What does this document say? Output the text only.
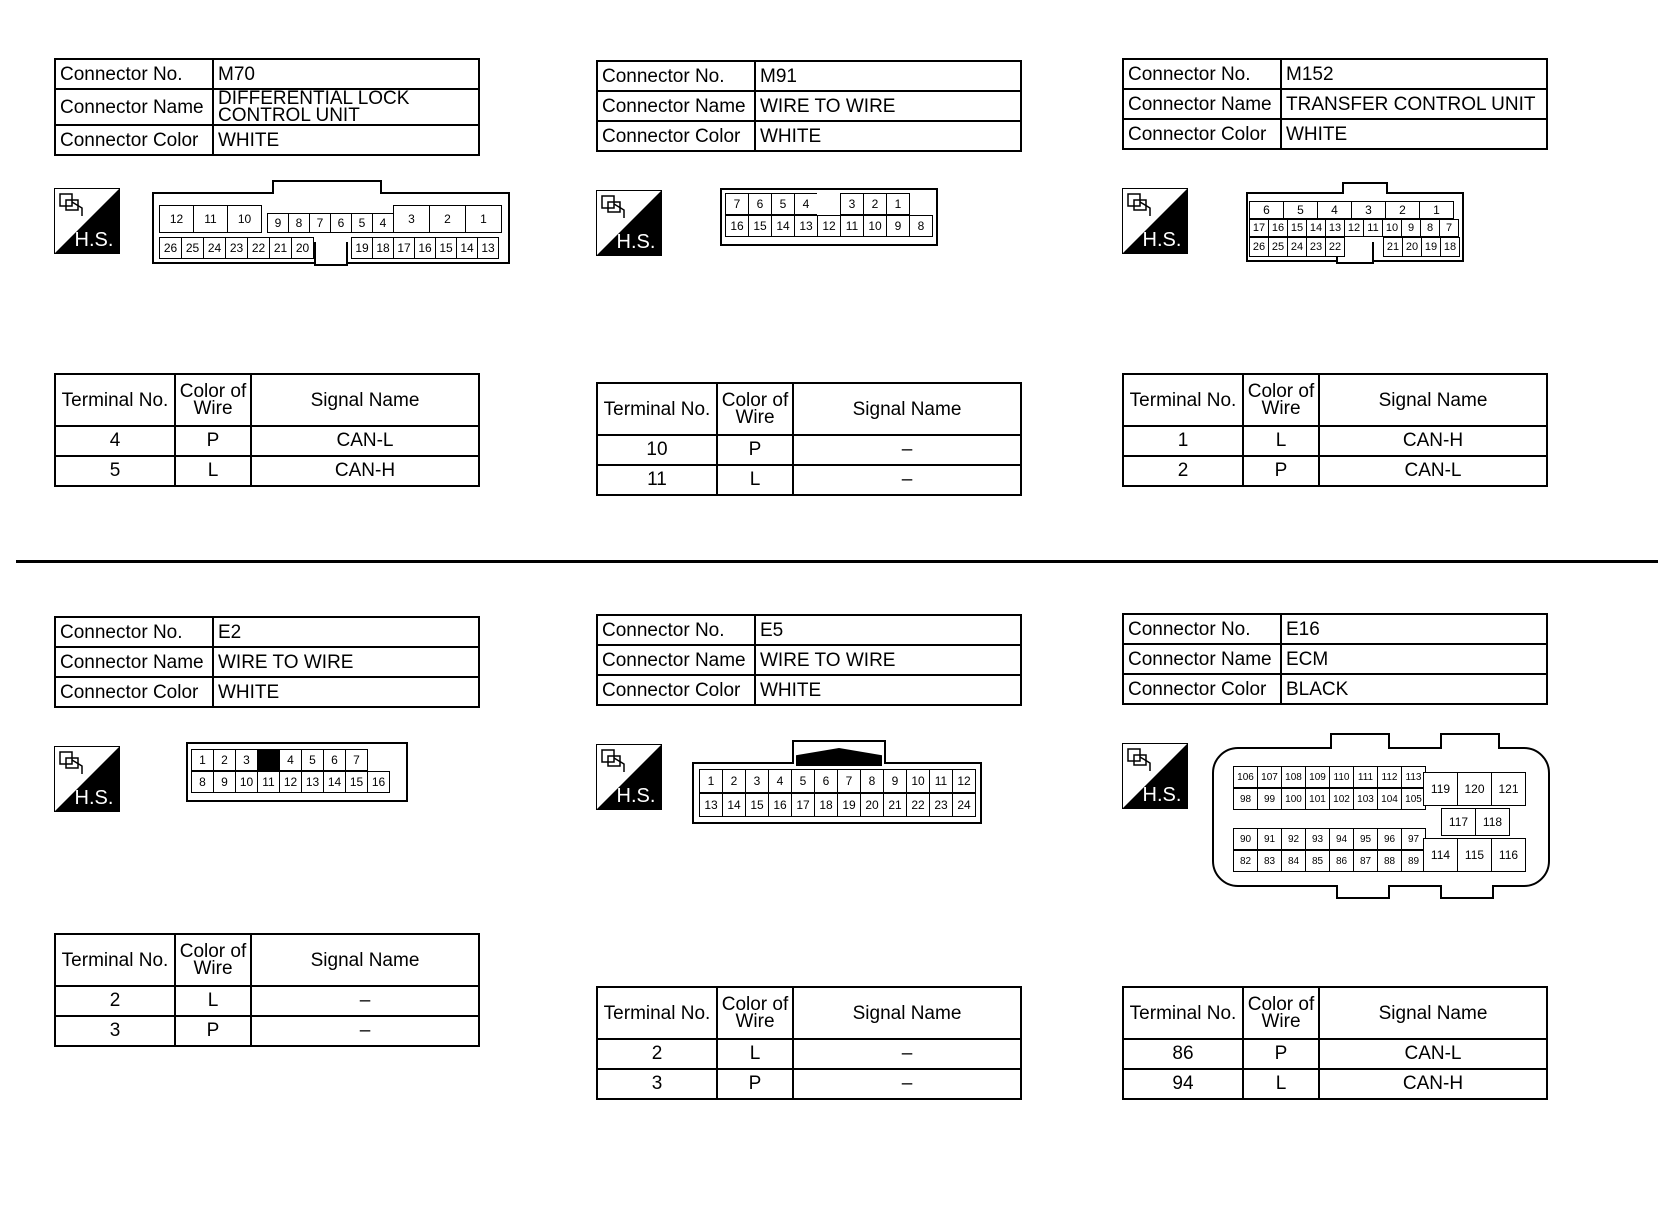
Connector No.	M70
Connector Name	DIFFERENTIAL LOCK CONTROL UNIT
Connector Color	WHITE
H.S.
Terminal No.	Color of Wire	Signal Name
4	P	CAN-L
5	L	CAN-H
Connector No.	M91
Connector Name	WIRE TO WIRE
Connector Color	WHITE
H.S.
Terminal No.	Color of Wire	Signal Name
10	P	–
11	L	–
Connector No.	M152
Connector Name	TRANSFER CONTROL UNIT
Connector Color	WHITE
H.S.
Terminal No.	Color of Wire	Signal Name
1	L	CAN-H
2	P	CAN-L
Connector No.	E2
Connector Name	WIRE TO WIRE
Connector Color	WHITE
H.S.
Terminal No.	Color of Wire	Signal Name
2	L	–
3	P	–
Connector No.	E5
Connector Name	WIRE TO WIRE
Connector Color	WHITE
H.S.
Terminal No.	Color of Wire	Signal Name
2	L	–
3	P	–
Connector No.	E16
Connector Name	ECM
Connector Color	BLACK
H.S.
Terminal No.	Color of Wire	Signal Name
86	P	CAN-L
94	L	CAN-H
12	11	10	9	8	7	6	5	4	3	2	1
26 25 24 23 22 21 20	19 18 17 16 15 14 13
7	6	5	4	3	2	1
16 15 14 13 12 11 10	9	8
6	5	4	3	2	1
17 16 15 14 13 12 11 10 9	8	7
26 25 24 23 22	21 20 19 18
1	2	3	4	5	6	7
8	9 10 11 12 13 14 15 16	1	2	3	4	5	6	7	8	9	10 11 12
13 14 15 16 17 18 19 20 21 22 23 24
106 107 108 109 110 111 112 113
98	99	100 101 102 103 104 105
90	91	92	93	94	95	96	97
82	83	84	85	86	87	88	89
119	120	121
117	118
114	115	116
